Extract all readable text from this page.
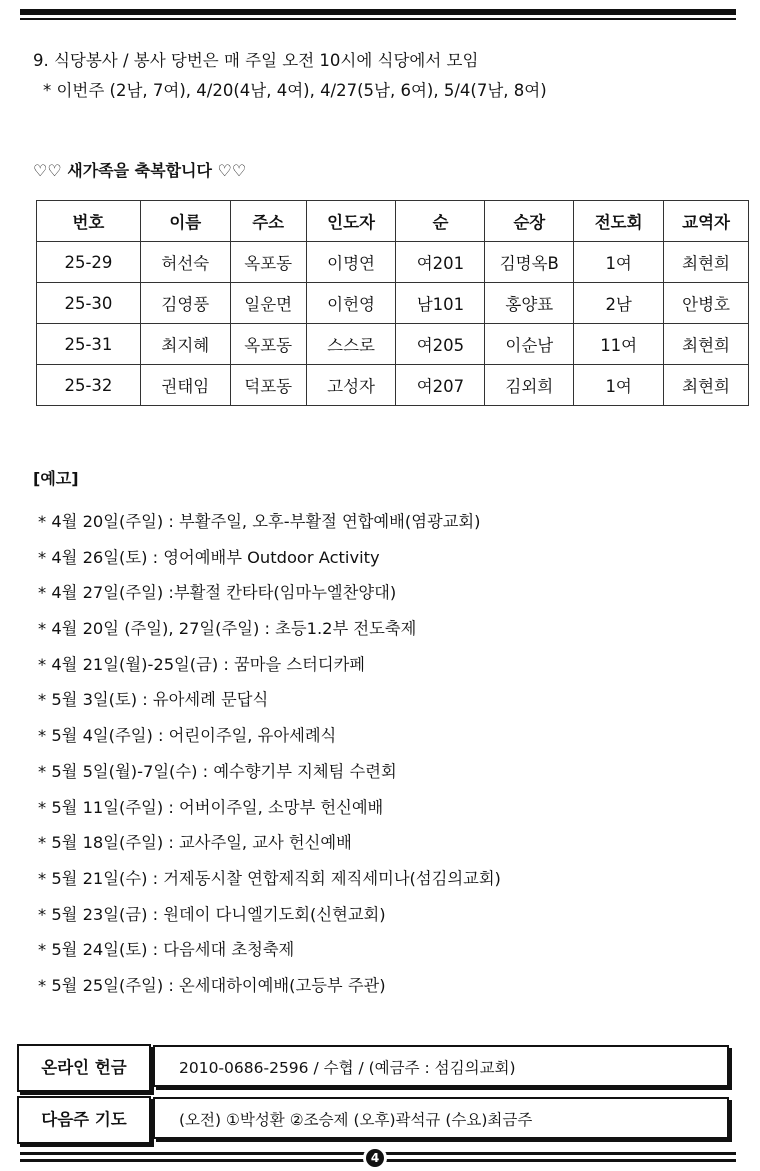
9. 식당봉사 / 봉사 당번은 매 주일 오전 10시에 식당에서 모임
* 이번주 (2남, 7여), 4/20(4남, 4여), 4/27(5남, 6여), 5/4(7남, 8여)
♡♡ 새가족을 축복합니다 ♡♡
번호	이름	주소	인도자	순	순장	전도회	교역자
25-29	허선숙	옥포동	이명연	여201	김명옥B	1여	최현희
25-30	김영풍	일운면	이헌영	남101	홍양표	2남	안병호
25-31	최지혜	옥포동	스스로	여205	이순남	11여	최현희
25-32	권태임	덕포동	고성자	여207	김외희	1여	최현희
[예고]
* 4월 20일(주일) : 부활주일, 오후-부활절 연합예배(염광교회)
* 4월 26일(토) : 영어예배부 Outdoor Activity
* 4월 27일(주일) :부활절 칸타타(임마누엘찬양대)
* 4월 20일 (주일), 27일(주일) : 초등1.2부 전도축제
* 4월 21일(월)-25일(금) : 꿈마을 스터디카페
* 5월 3일(토) : 유아세례 문답식
* 5월 4일(주일) : 어린이주일, 유아세례식
* 5월 5일(월)-7일(수) : 예수향기부 지체팀 수련회
* 5월 11일(주일) : 어버이주일, 소망부 헌신예배
* 5월 18일(주일) : 교사주일, 교사 헌신예배
* 5월 21일(수) : 거제동시찰 연합제직회 제직세미나(섬김의교회)
* 5월 23일(금) : 원데이 다니엘기도회(신현교회)
* 5월 24일(토) : 다음세대 초청축제
* 5월 25일(주일) : 온세대하이예배(고등부 주관)
온라인 헌금	2010-0686-2596 / 수협 / (예금주 : 섬김의교회)
다음주 기도	(오전) ①박성환 ②조승제 (오후)곽석규 (수요)최금주
4
